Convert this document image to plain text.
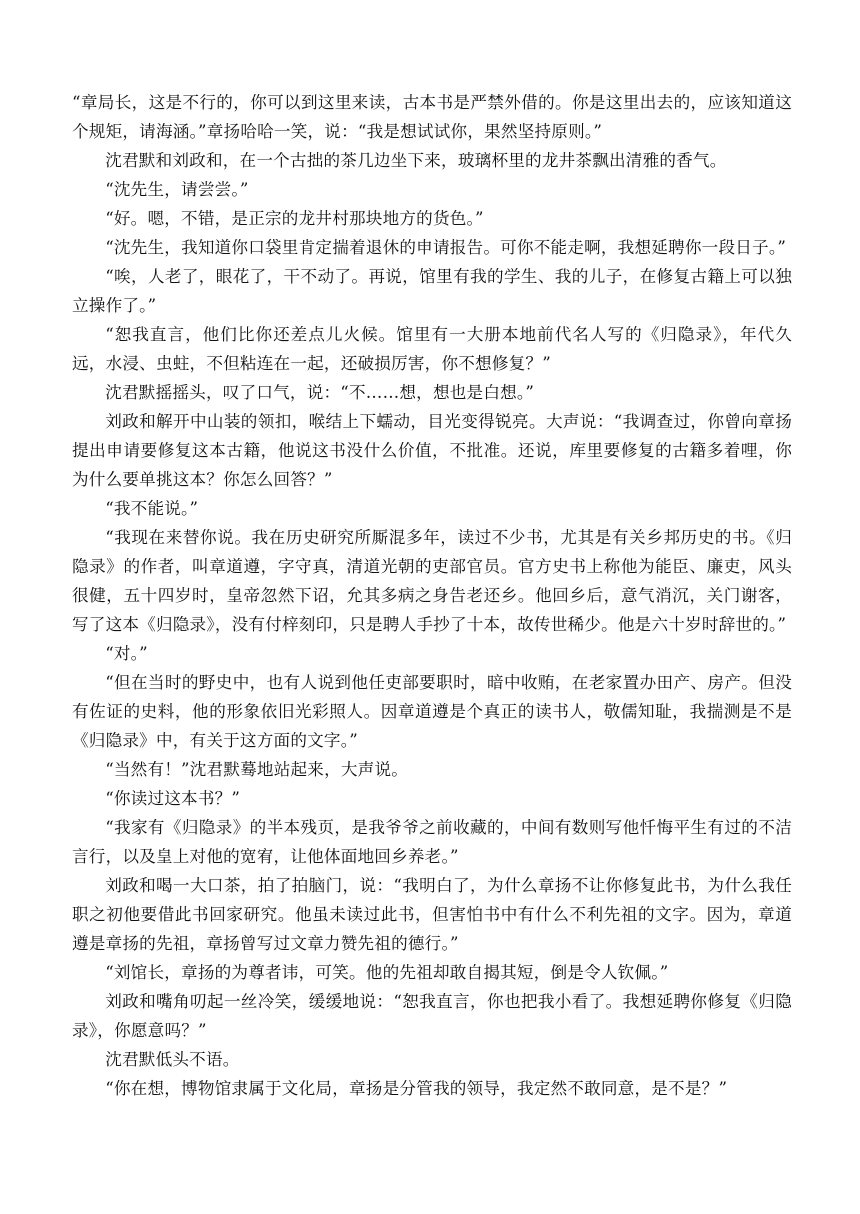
“章局长，这是不行的，你可以到这里来读，古本书是严禁外借的。你是这里出去的，应该知道这个规矩，请海涵。”章扬哈哈一笑，说：“我是想试试你，果然坚持原则。”

沈君默和刘政和，在一个古拙的茶几边坐下来，玻璃杯里的龙井茶飘出清雅的香气。

“沈先生，请尝尝。”

“好。嗯，不错，是正宗的龙井村那块地方的货色。”

“沈先生，我知道你口袋里肯定揣着退休的申请报告。可你不能走啊，我想延聘你一段日子。”

“唉，人老了，眼花了，干不动了。再说，馆里有我的学生、我的儿子，在修复古籍上可以独立操作了。”

“恕我直言，他们比你还差点儿火候。馆里有一大册本地前代名人写的《归隐录》，年代久远，水浸、虫蛀，不但粘连在一起，还破损厉害，你不想修复？”

沈君默摇摇头，叹了口气，说：“不……想，想也是白想。”

刘政和解开中山装的领扣，喉结上下蠕动，目光变得锐亮。大声说：“我调查过，你曾向章扬提出申请要修复这本古籍，他说这书没什么价值，不批准。还说，库里要修复的古籍多着哩，你为什么要单挑这本？你怎么回答？”

“我不能说。”

“我现在来替你说。我在历史研究所厮混多年，读过不少书，尤其是有关乡邦历史的书。《归隐录》的作者，叫章道遵，字守真，清道光朝的吏部官员。官方史书上称他为能臣、廉吏，风头很健，五十四岁时，皇帝忽然下诏，允其多病之身告老还乡。他回乡后，意气消沉，关门谢客，写了这本《归隐录》，没有付梓刻印，只是聘人手抄了十本，故传世稀少。他是六十岁时辞世的。”

“对。”

“但在当时的野史中，也有人说到他任吏部要职时，暗中收贿，在老家置办田产、房产。但没有佐证的史料，他的形象依旧光彩照人。因章道遵是个真正的读书人，敬儒知耻，我揣测是不是《归隐录》中，有关于这方面的文字。”

“当然有！”沈君默蓦地站起来，大声说。

“你读过这本书？”

“我家有《归隐录》的半本残页，是我爷爷之前收藏的，中间有数则写他忏悔平生有过的不洁言行，以及皇上对他的宽宥，让他体面地回乡养老。”

刘政和喝一大口茶，拍了拍脑门，说：“我明白了，为什么章扬不让你修复此书，为什么我任职之初他要借此书回家研究。他虽未读过此书，但害怕书中有什么不利先祖的文字。因为，章道遵是章扬的先祖，章扬曾写过文章力赞先祖的德行。”

“刘馆长，章扬的为尊者讳，可笑。他的先祖却敢自揭其短，倒是令人钦佩。”

刘政和嘴角叨起一丝冷笑，缓缓地说：“恕我直言，你也把我小看了。我想延聘你修复《归隐录》，你愿意吗？”

沈君默低头不语。

“你在想，博物馆隶属于文化局，章扬是分管我的领导，我定然不敢同意，是不是？”
